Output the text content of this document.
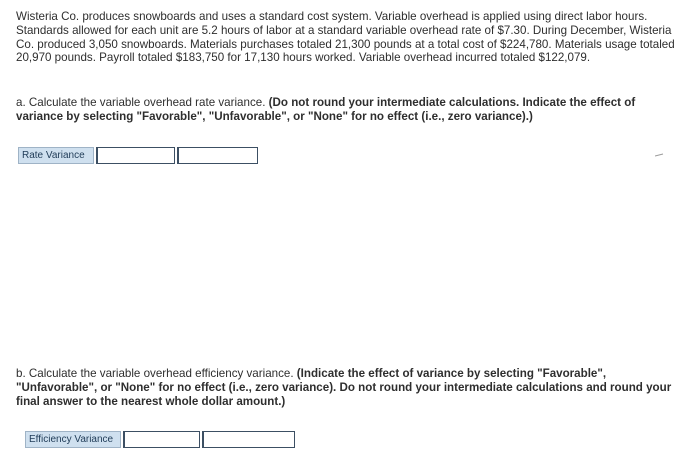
Wisteria Co. produces snowboards and uses a standard cost system. Variable overhead is applied using direct labor hours. Standards allowed for each unit are 5.2 hours of labor at a standard variable overhead rate of $7.30. During December, Wisteria Co. produced 3,050 snowboards. Materials purchases totaled 21,300 pounds at a total cost of $224,780. Materials usage totaled 20,970 pounds. Payroll totaled $183,750 for 17,130 hours worked. Variable overhead incurred totaled $122,079.

a. Calculate the variable overhead rate variance. (Do not round your intermediate calculations. Indicate the effect of variance by selecting "Favorable", "Unfavorable", or "None" for no effect (i.e., zero variance).)

Rate Variance

b. Calculate the variable overhead efficiency variance. (Indicate the effect of variance by selecting "Favorable", "Unfavorable", or "None" for no effect (i.e., zero variance). Do not round your intermediate calculations and round your final answer to the nearest whole dollar amount.)

Efficiency Variance
